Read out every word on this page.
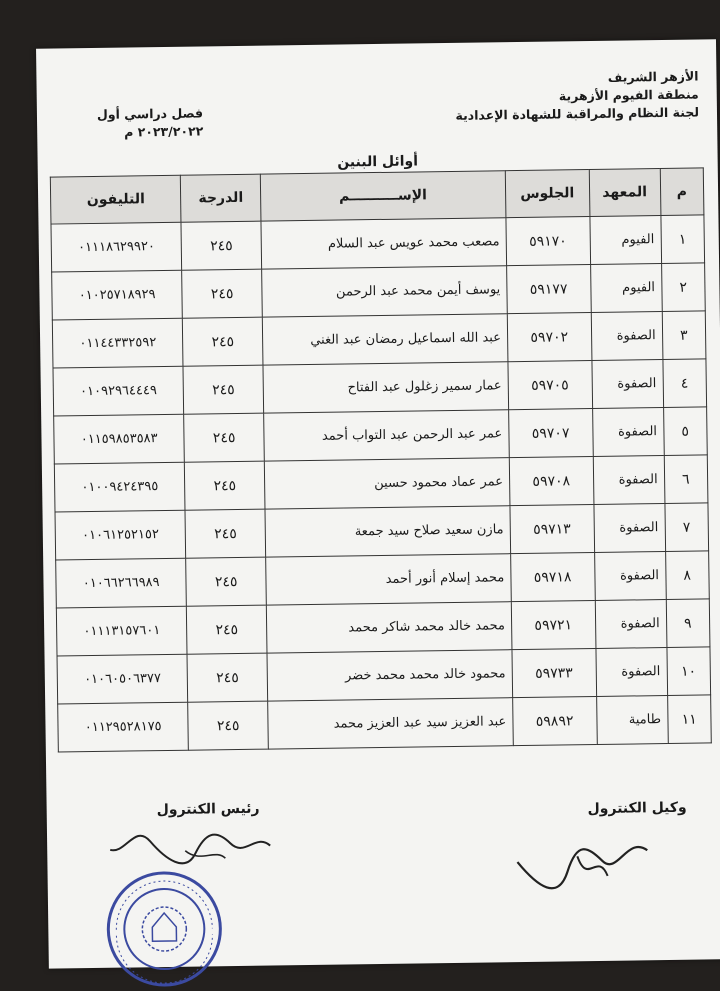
الأزهر الشريف
منطقة الفيوم الأزهرية
لجنة النظام والمراقبة للشهادة الإعدادية
فصل دراسي أول
٢٠٢٣/٢٠٢٢ م
أوائل البنين
م	المعهد	الجلوس	الإســــــــــم	الدرجة	التليفون
١	الفيوم	٥٩١٧٠	مصعب محمد عويس عبد السلام	٢٤٥	٠١١١٨٦٢٩٩٢٠
٢	الفيوم	٥٩١٧٧	يوسف أيمن محمد عبد الرحمن	٢٤٥	٠١٠٢٥٧١٨٩٢٩
٣	الصفوة	٥٩٧٠٢	عبد الله اسماعيل رمضان عبد الغني	٢٤٥	٠١١٤٤٣٣٢٥٩٢
٤	الصفوة	٥٩٧٠٥	عمار سمير زغلول عبد الفتاح	٢٤٥	٠١٠٩٢٩٦٤٤٤٩
٥	الصفوة	٥٩٧٠٧	عمر عبد الرحمن عبد التواب أحمد	٢٤٥	٠١١٥٩٨٥٣٥٨٣
٦	الصفوة	٥٩٧٠٨	عمر عماد محمود حسين	٢٤٥	٠١٠٠٩٤٢٤٣٩٥
٧	الصفوة	٥٩٧١٣	مازن سعيد صلاح سيد جمعة	٢٤٥	٠١٠٦١٢٥٢١٥٢
٨	الصفوة	٥٩٧١٨	محمد إسلام أنور أحمد	٢٤٥	٠١٠٦٦٢٦٦٩٨٩
٩	الصفوة	٥٩٧٢١	محمد خالد محمد شاكر محمد	٢٤٥	٠١١١٣١٥٧٦٠١
١٠	الصفوة	٥٩٧٣٣	محمود خالد محمد محمد خضر	٢٤٥	٠١٠٦٠٥٠٦٣٧٧
١١	طامية	٥٩٨٩٢	عبد العزيز سيد عبد العزيز محمد	٢٤٥	٠١١٢٩٥٢٨١٧٥
وكيل الكنترول
رئيس الكنترول
